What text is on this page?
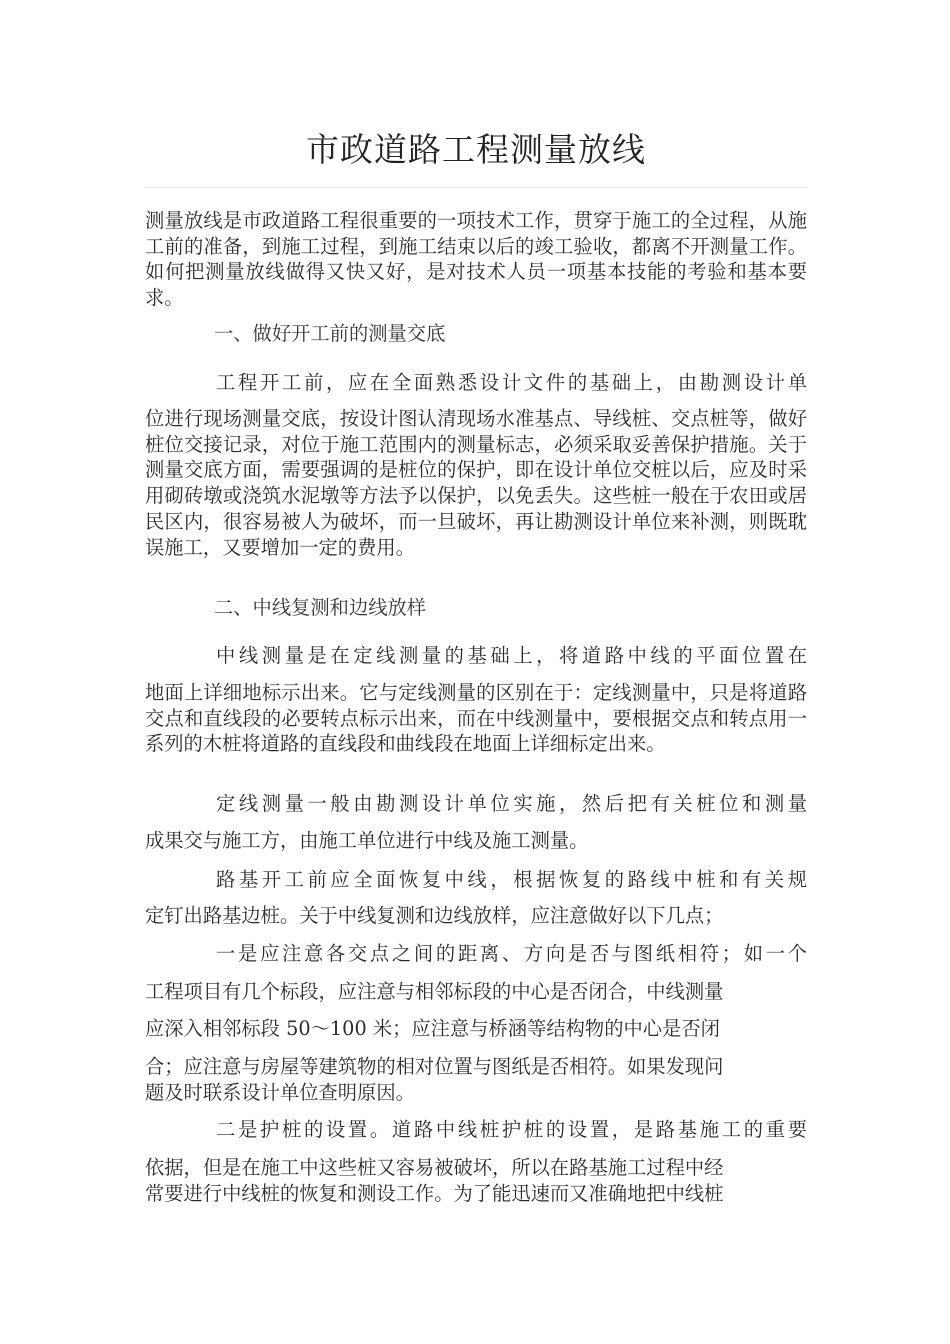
市政道路工程测量放线

测量放线是市政道路工程很重要的一项技术工作，贯穿于施工的全过程，从施工前的准备，到施工过程，到施工结束以后的竣工验收，都离不开测量工作。如何把测量放线做得又快又好，是对技术人员一项基本技能的考验和基本要求。

一、做好开工前的测量交底

工程开工前，应在全面熟悉设计文件的基础上，由勘测设计单

位进行现场测量交底，按设计图认清现场水准基点、导线桩、交点桩等，做好桩位交接记录，对位于施工范围内的测量标志，必须采取妥善保护措施。关于测量交底方面，需要强调的是桩位的保护，即在设计单位交桩以后，应及时采用砌砖墩或浇筑水泥墩等方法予以保护，以免丢失。这些桩一般在于农田或居民区内，很容易被人为破坏，而一旦破坏，再让勘测设计单位来补测，则既耽误施工，又要增加一定的费用。

二、中线复测和边线放样

中线测量是在定线测量的基础上，将道路中线的平面位置在

地面上详细地标示出来。它与定线测量的区别在于：定线测量中，只是将道路交点和直线段的必要转点标示出来，而在中线测量中，要根据交点和转点用一系列的木桩将道路的直线段和曲线段在地面上详细标定出来。

定线测量一般由勘测设计单位实施，然后把有关桩位和测量

成果交与施工方，由施工单位进行中线及施工测量。

路基开工前应全面恢复中线，根据恢复的路线中桩和有关规

定钉出路基边桩。关于中线复测和边线放样，应注意做好以下几点；

一是应注意各交点之间的距离、方向是否与图纸相符；如一个

工程项目有几个标段，应注意与相邻标段的中心是否闭合，中线测量

应深入相邻标段 50～100 米；应注意与桥涵等结构物的中心是否闭

合；应注意与房屋等建筑物的相对位置与图纸是否相符。如果发现问

题及时联系设计单位查明原因。

二是护桩的设置。道路中线桩护桩的设置，是路基施工的重要

依据，但是在施工中这些桩又容易被破坏，所以在路基施工过程中经

常要进行中线桩的恢复和测设工作。为了能迅速而又准确地把中线桩
